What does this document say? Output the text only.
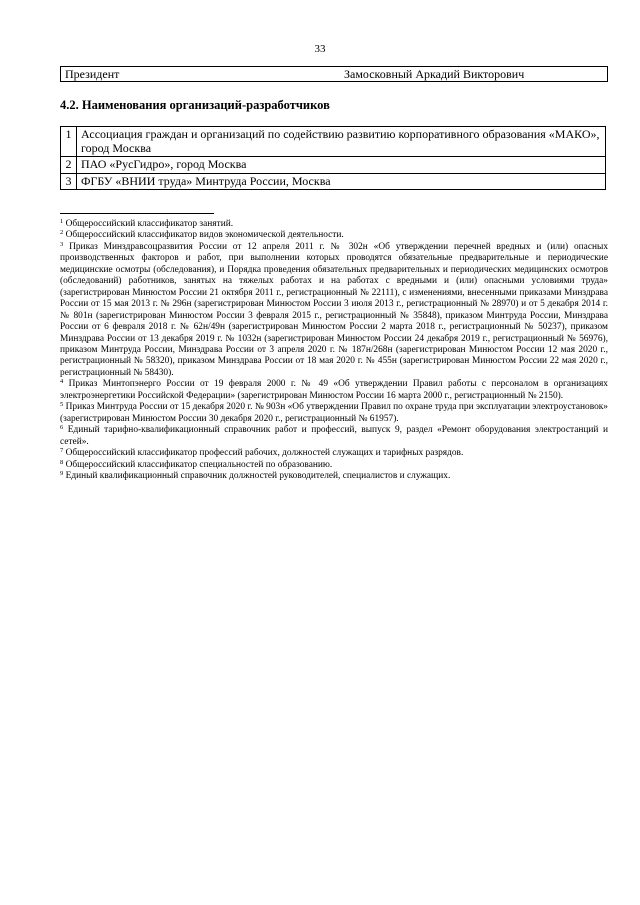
33
Президент	Замосковный Аркадий Викторович
4.2. Наименования организаций-разработчиков
1	Ассоциация граждан и организаций по содействию развитию корпоративного образования «МАКО», город Москва
2	ПАО «РусГидро», город Москва
3	ФГБУ «ВНИИ труда» Минтруда России, Москва

$^1$ Общероссийский классификатор занятий.

$^2$ Общероссийский классификатор видов экономической деятельности.

$^3$ Приказ Минздравсоцразвития России от 12 апреля 2011 г. № 302н «Об утверждении перечней вредных и (или) опасных производственных факторов и работ, при выполнении которых проводятся обязательные предварительные и периодические медицинские осмотры (обследования), и Порядка проведения обязательных предварительных и периодических медицинских осмотров (обследований) работников, занятых на тяжелых работах и на работах с вредными и (или) опасными условиями труда» (зарегистрирован Минюстом России 21 октября 2011 г., регистрационный № 22111), с изменениями, внесенными приказами Минздрава России от 15 мая 2013 г. № 296н (зарегистрирован Минюстом России 3 июля 2013 г., регистрационный № 28970) и от 5 декабря 2014 г. № 801н (зарегистрирован Минюстом России 3 февраля 2015 г., регистрационный № 35848), приказом Минтруда России, Минздрава России от 6 февраля 2018 г. № 62н/49н (зарегистрирован Минюстом России 2 марта 2018 г., регистрационный № 50237), приказом Минздрава России от 13 декабря 2019 г. № 1032н (зарегистрирован Минюстом России 24 декабря 2019 г., регистрационный № 56976), приказом Минтруда России, Минздрава России от 3 апреля 2020 г. № 187н/268н (зарегистрирован Минюстом России 12 мая 2020 г., регистрационный № 58320), приказом Минздрава России от 18 мая 2020 г. № 455н (зарегистрирован Минюстом России 22 мая 2020 г., регистрационный № 58430).

$^4$ Приказ Минтопэнерго России от 19 февраля 2000 г. № 49 «Об утверждении Правил работы с персоналом в организациях электроэнергетики Российской Федерации» (зарегистрирован Минюстом России 16 марта 2000 г., регистрационный № 2150).

$^5$ Приказ Минтруда России от 15 декабря 2020 г. № 903н «Об утверждении Правил по охране труда при эксплуатации электроустановок» (зарегистрирован Минюстом России 30 декабря 2020 г., регистрационный № 61957).

$^6$ Единый тарифно-квалификационный справочник работ и профессий, выпуск 9, раздел «Ремонт оборудования электростанций и сетей».

$^7$ Общероссийский классификатор профессий рабочих, должностей служащих и тарифных разрядов.

$^8$ Общероссийский классификатор специальностей по образованию.

$^9$ Единый квалификационный справочник должностей руководителей, специалистов и служащих.
